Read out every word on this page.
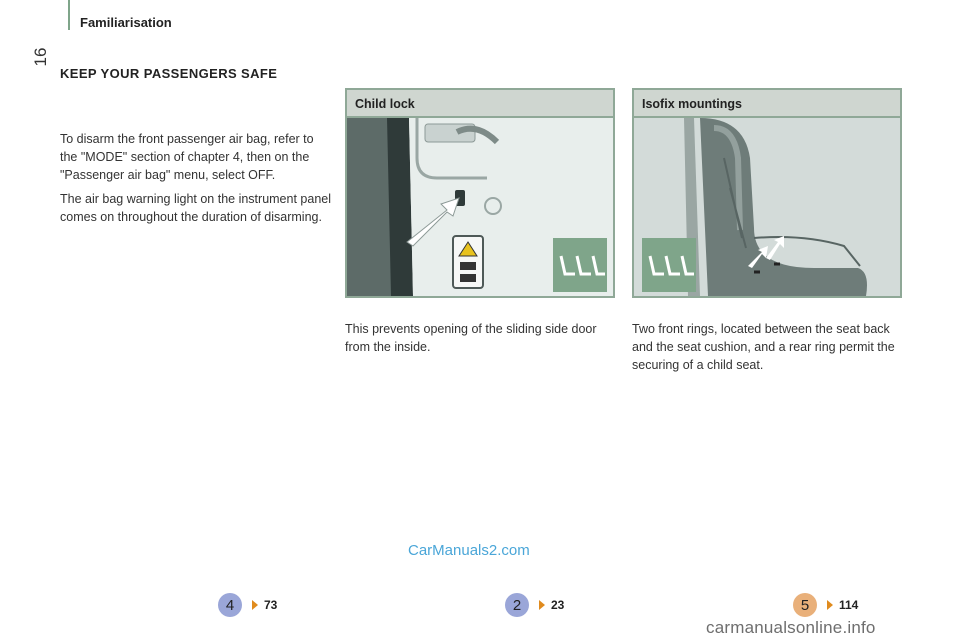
Familiarisation
16
KEEP YOUR PASSENGERS SAFE

To disarm the front passenger air bag, refer to the "MODE" section of chapter 4, then on the "Passenger air bag" menu, select OFF.

The air bag warning light on the instrument panel comes on throughout the duration of disarming.

Child lock	Isofix mountings
This prevents opening of the sliding side door from the inside.
Two front rings, located between the seat back and the seat cushion, and a rear ring permit the securing of a child seat.
CarManuals2.com
4	73	2	23	5	114
carmanualsonline.info
